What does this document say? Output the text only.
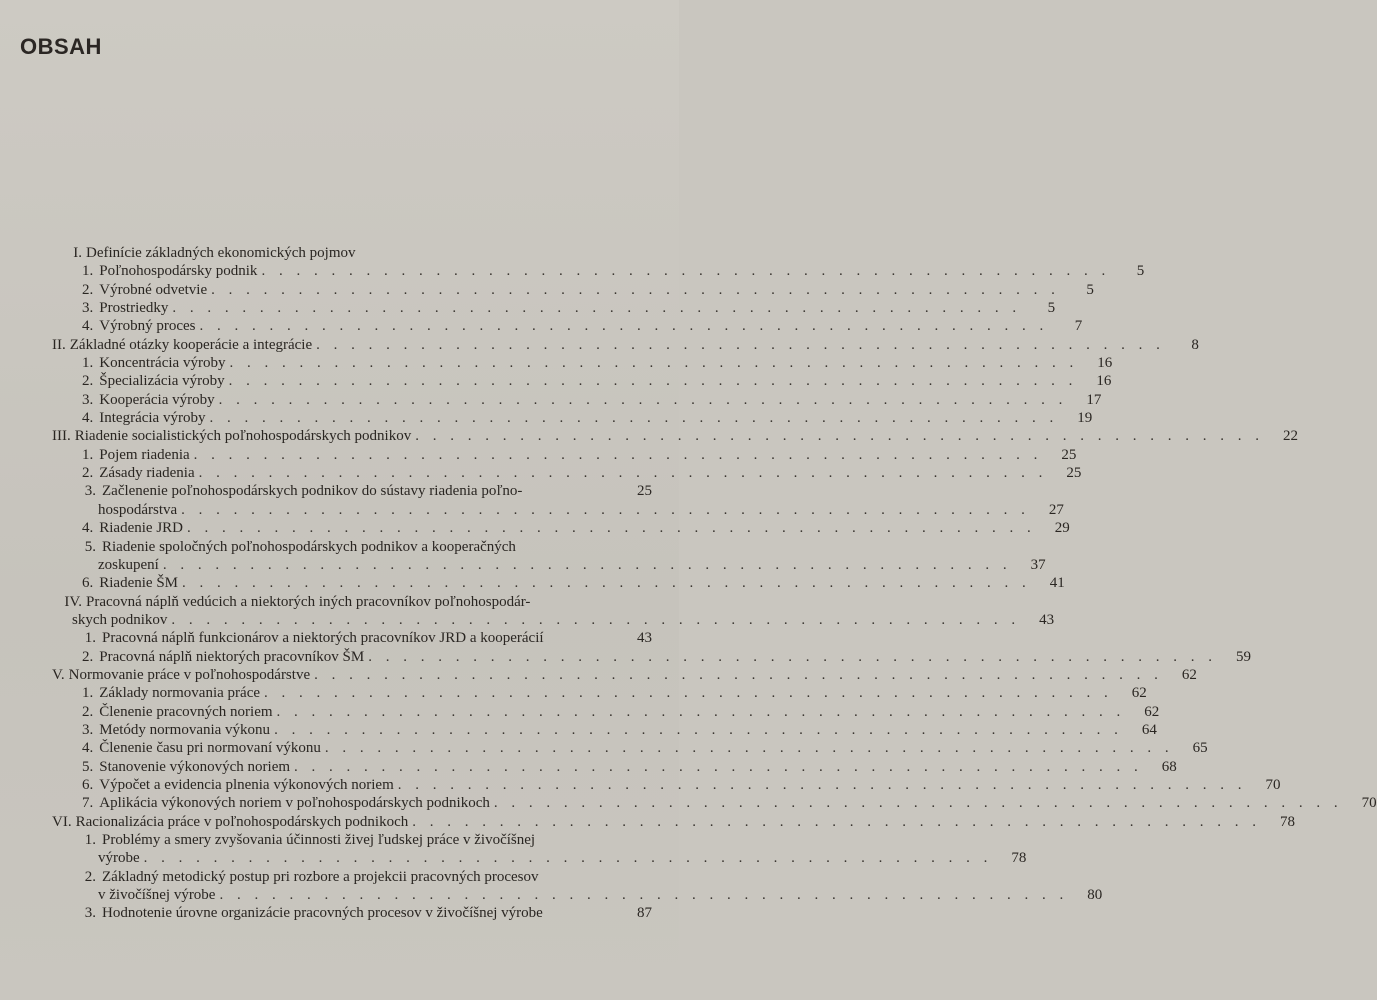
OBSAH
I. Definície základných ekonomických pojmov
1. Poľnohospodársky podnik . . . . . . . . . . . . . . . . . . . . . . . . . . . . . . . . . . . . . . . . . . . . . . . . .	5
2. Výrobné odvetvie . . . . . . . . . . . . . . . . . . . . . . . . . . . . . . . . . . . . . . . . . . . . . . . . .	5
3. Prostriedky . . . . . . . . . . . . . . . . . . . . . . . . . . . . . . . . . . . . . . . . . . . . . . . . .	5
4. Výrobný proces . . . . . . . . . . . . . . . . . . . . . . . . . . . . . . . . . . . . . . . . . . . . . . . . .	7
II. Základné otázky kooperácie a integrácie . . . . . . . . . . . . . . . . . . . . . . . . . . . . . . . . . . . . . . . . . . . . . . . . .	8
1. Koncentrácia výroby . . . . . . . . . . . . . . . . . . . . . . . . . . . . . . . . . . . . . . . . . . . . . . . . .	16
2. Špecializácia výroby . . . . . . . . . . . . . . . . . . . . . . . . . . . . . . . . . . . . . . . . . . . . . . . . .	16
3. Kooperácia výroby . . . . . . . . . . . . . . . . . . . . . . . . . . . . . . . . . . . . . . . . . . . . . . . . .	17
4. Integrácia výroby . . . . . . . . . . . . . . . . . . . . . . . . . . . . . . . . . . . . . . . . . . . . . . . . .	19
III. Riadenie socialistických poľnohospodárskych podnikov . . . . . . . . . . . . . . . . . . . . . . . . . . . . . . . . . . . . . . . . . . . . . . . . .	22
1. Pojem riadenia . . . . . . . . . . . . . . . . . . . . . . . . . . . . . . . . . . . . . . . . . . . . . . . . .	25
2. Zásady riadenia . . . . . . . . . . . . . . . . . . . . . . . . . . . . . . . . . . . . . . . . . . . . . . . . .	25
3. Začlenenie poľnohospodárskych podnikov do sústavy riadenia poľno-	25
hospodárstva . . . . . . . . . . . . . . . . . . . . . . . . . . . . . . . . . . . . . . . . . . . . . . . . .	27
4. Riadenie JRD . . . . . . . . . . . . . . . . . . . . . . . . . . . . . . . . . . . . . . . . . . . . . . . . .	29
5. Riadenie spoločných poľnohospodárskych podnikov a kooperačných
zoskupení . . . . . . . . . . . . . . . . . . . . . . . . . . . . . . . . . . . . . . . . . . . . . . . . .	37
6. Riadenie ŠM . . . . . . . . . . . . . . . . . . . . . . . . . . . . . . . . . . . . . . . . . . . . . . . . .	41
IV. Pracovná náplň vedúcich a niektorých iných pracovníkov poľnohospodár-
skych podnikov . . . . . . . . . . . . . . . . . . . . . . . . . . . . . . . . . . . . . . . . . . . . . . . . .	43
1. Pracovná náplň funkcionárov a niektorých pracovníkov JRD a kooperácií	43
2. Pracovná náplň niektorých pracovníkov ŠM . . . . . . . . . . . . . . . . . . . . . . . . . . . . . . . . . . . . . . . . . . . . . . . . .	59
V. Normovanie práce v poľnohospodárstve . . . . . . . . . . . . . . . . . . . . . . . . . . . . . . . . . . . . . . . . . . . . . . . . .	62
1. Základy normovania práce . . . . . . . . . . . . . . . . . . . . . . . . . . . . . . . . . . . . . . . . . . . . . . . . .	62
2. Členenie pracovných noriem . . . . . . . . . . . . . . . . . . . . . . . . . . . . . . . . . . . . . . . . . . . . . . . . .	62
3. Metódy normovania výkonu . . . . . . . . . . . . . . . . . . . . . . . . . . . . . . . . . . . . . . . . . . . . . . . . .	64
4. Členenie času pri normovaní výkonu . . . . . . . . . . . . . . . . . . . . . . . . . . . . . . . . . . . . . . . . . . . . . . . . .	65
5. Stanovenie výkonových noriem . . . . . . . . . . . . . . . . . . . . . . . . . . . . . . . . . . . . . . . . . . . . . . . . .	68
6. Výpočet a evidencia plnenia výkonových noriem . . . . . . . . . . . . . . . . . . . . . . . . . . . . . . . . . . . . . . . . . . . . . . . . .	70
7. Aplikácia výkonových noriem v poľnohospodárskych podnikoch . . . . . . . . . . . . . . . . . . . . . . . . . . . . . . . . . . . . . . . . . . . . . . . . .	70
VI. Racionalizácia práce v poľnohospodárskych podnikoch . . . . . . . . . . . . . . . . . . . . . . . . . . . . . . . . . . . . . . . . . . . . . . . . .	78
1. Problémy a smery zvyšovania účinnosti živej ľudskej práce v živočíšnej
výrobe . . . . . . . . . . . . . . . . . . . . . . . . . . . . . . . . . . . . . . . . . . . . . . . . .	78
2. Základný metodický postup pri rozbore a projekcii pracovných procesov
v živočíšnej výrobe . . . . . . . . . . . . . . . . . . . . . . . . . . . . . . . . . . . . . . . . . . . . . . . . .	80
3. Hodnotenie úrovne organizácie pracovných procesov v živočíšnej výrobe	87
